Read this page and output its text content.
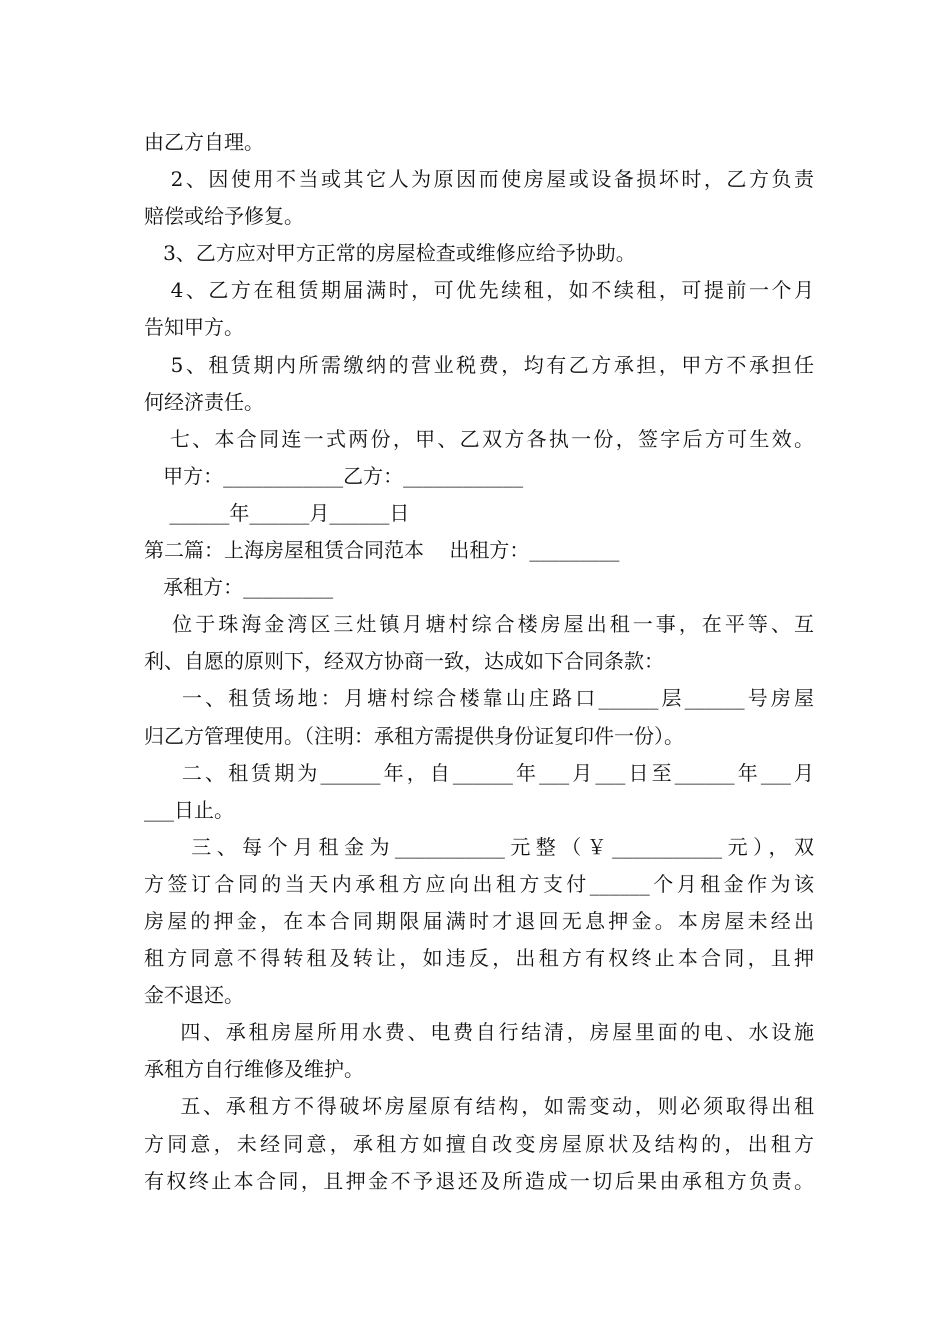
由乙方自理。
2、因使用不当或其它人为原因而使房屋或设备损坏时，乙方负责
赔偿或给予修复。
3、乙方应对甲方正常的房屋检查或维修应给予协助。
4、乙方在租赁期届满时，可优先续租，如不续租，可提前一个月
告知甲方。
5、租赁期内所需缴纳的营业税费，均有乙方承担，甲方不承担任
何经济责任。
七、本合同连一式两份，甲、乙双方各执一份，签字后方可生效。
甲方：____________乙方：____________
______年______月______日
第二篇：上海房屋租赁合同范本    出租方：_________
承租方：_________
位于珠海金湾区三灶镇月塘村综合楼房屋出租一事，在平等、互
利、自愿的原则下，经双方协商一致，达成如下合同条款：
一、租赁场地：月塘村综合楼靠山庄路口______层______号房屋
归乙方管理使用。（注明：承租方需提供身份证复印件一份）。
二、租赁期为______年，自______年___月___日至______年___月
___日止。
三、每个月租金为___________元整（￥___________元），双
方签订合同的当天内承租方应向出租方支付______个月租金作为该
房屋的押金，在本合同期限届满时才退回无息押金。本房屋未经出
租方同意不得转租及转让，如违反，出租方有权终止本合同，且押
金不退还。
四、承租房屋所用水费、电费自行结清，房屋里面的电、水设施
承租方自行维修及维护。
五、承租方不得破坏房屋原有结构，如需变动，则必须取得出租
方同意，未经同意，承租方如擅自改变房屋原状及结构的，出租方
有权终止本合同，且押金不予退还及所造成一切后果由承租方负责。
